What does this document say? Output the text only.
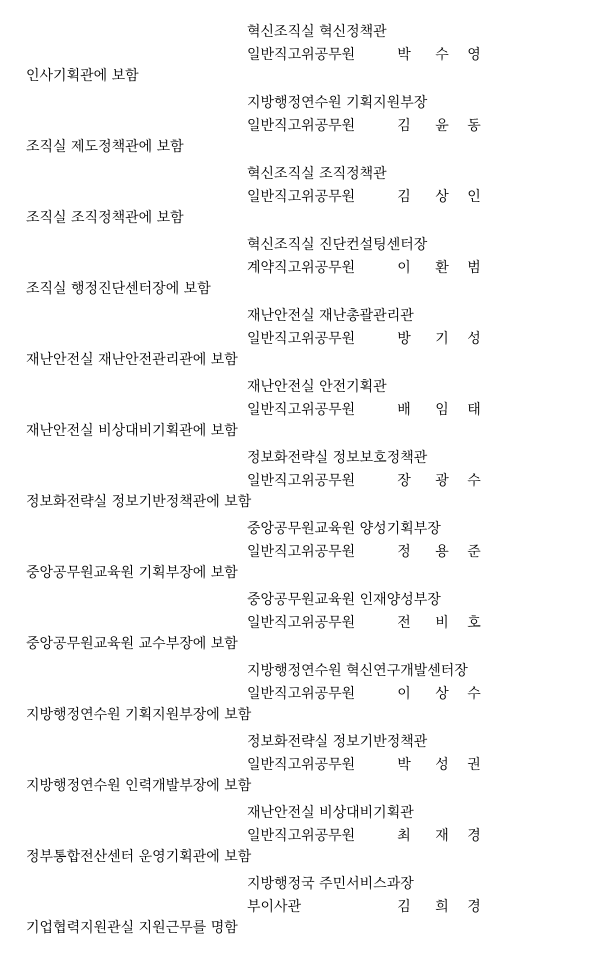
혁신조직실 혁신정책관
일반직고위공무원	박 수 영
인사기획관에 보함
지방행정연수원 기획지원부장
일반직고위공무원	김 윤 동
조직실 제도정책관에 보함
혁신조직실 조직정책관
일반직고위공무원	김 상 인
조직실 조직정책관에 보함
혁신조직실 진단컨설팅센터장
계약직고위공무원	이 환 범
조직실 행정진단센터장에 보함
재난안전실 재난총괄관리관
일반직고위공무원	방 기 성
재난안전실 재난안전관리관에 보함
재난안전실 안전기획관
일반직고위공무원	배 임 태
재난안전실 비상대비기획관에 보함
정보화전략실 정보보호정책관
일반직고위공무원	장 광 수
정보화전략실 정보기반정책관에 보함
중앙공무원교육원 양성기획부장
일반직고위공무원	정 용 준
중앙공무원교육원 기획부장에 보함
중앙공무원교육원 인재양성부장
일반직고위공무원	전 비 호
중앙공무원교육원 교수부장에 보함
지방행정연수원 혁신연구개발센터장
일반직고위공무원	이 상 수
지방행정연수원 기획지원부장에 보함
정보화전략실 정보기반정책관
일반직고위공무원	박 성 권
지방행정연수원 인력개발부장에 보함
재난안전실 비상대비기획관
일반직고위공무원	최 재 경
정부통합전산센터 운영기획관에 보함
지방행정국 주민서비스과장
부이사관	김 희 경
기업협력지원관실 지원근무를 명함
